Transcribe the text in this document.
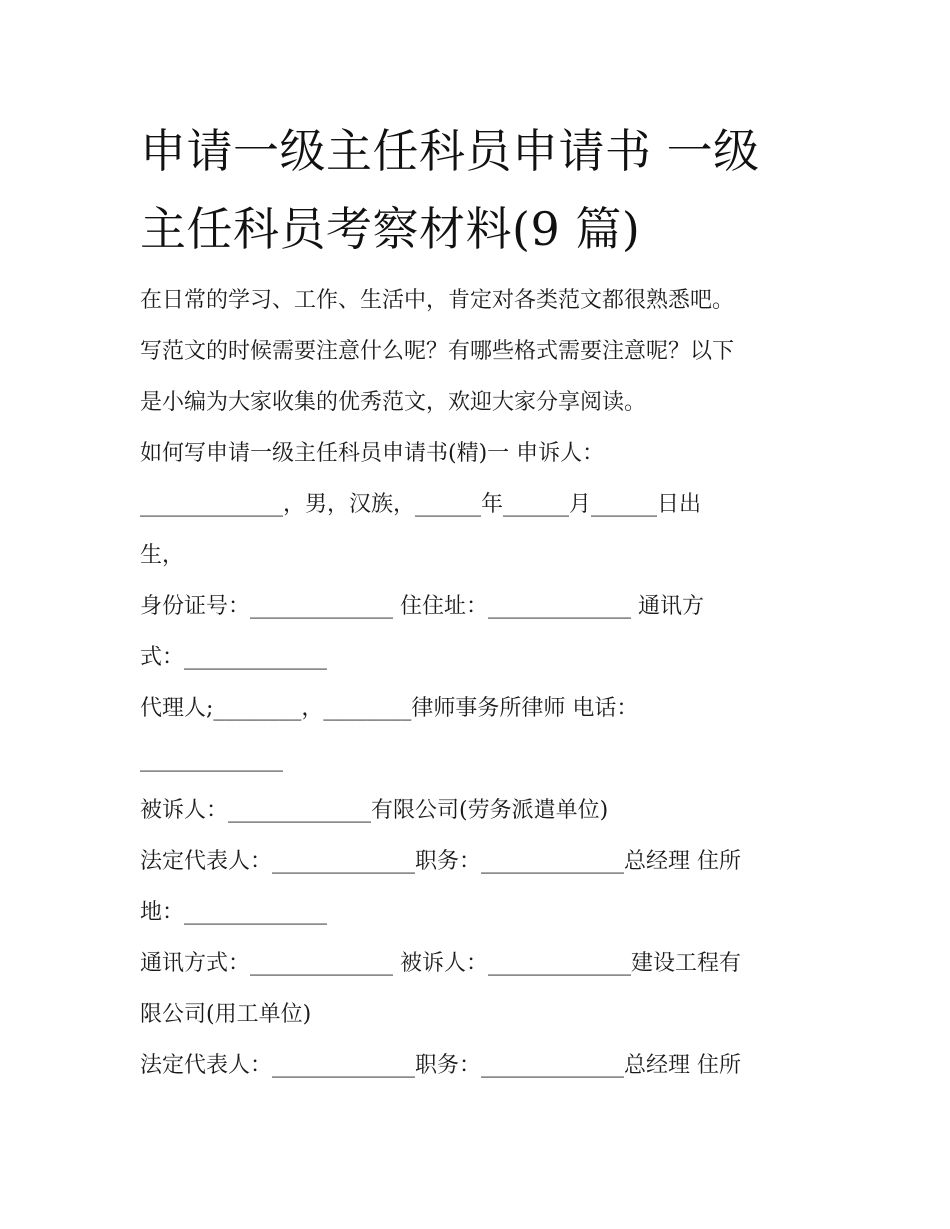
申请一级主任科员申请书 一级
主任科员考察材料(9 篇)
在日常的学习、工作、生活中，肯定对各类范文都很熟悉吧。
写范文的时候需要注意什么呢？有哪些格式需要注意呢？以下
是小编为大家收集的优秀范文，欢迎大家分享阅读。
如何写申请一级主任科员申请书(精)一 申诉人：
_____________，男，汉族，______年______月______日出
生，
身份证号：_____________ 住住址：_____________ 通讯方
式：_____________
代理人;________，________律师事务所律师 电话：
_____________
被诉人：_____________有限公司(劳务派遣单位)
法定代表人：_____________职务：_____________总经理 住所
地：_____________
通讯方式：_____________ 被诉人：_____________建设工程有
限公司(用工单位)
法定代表人：_____________职务：_____________总经理 住所
